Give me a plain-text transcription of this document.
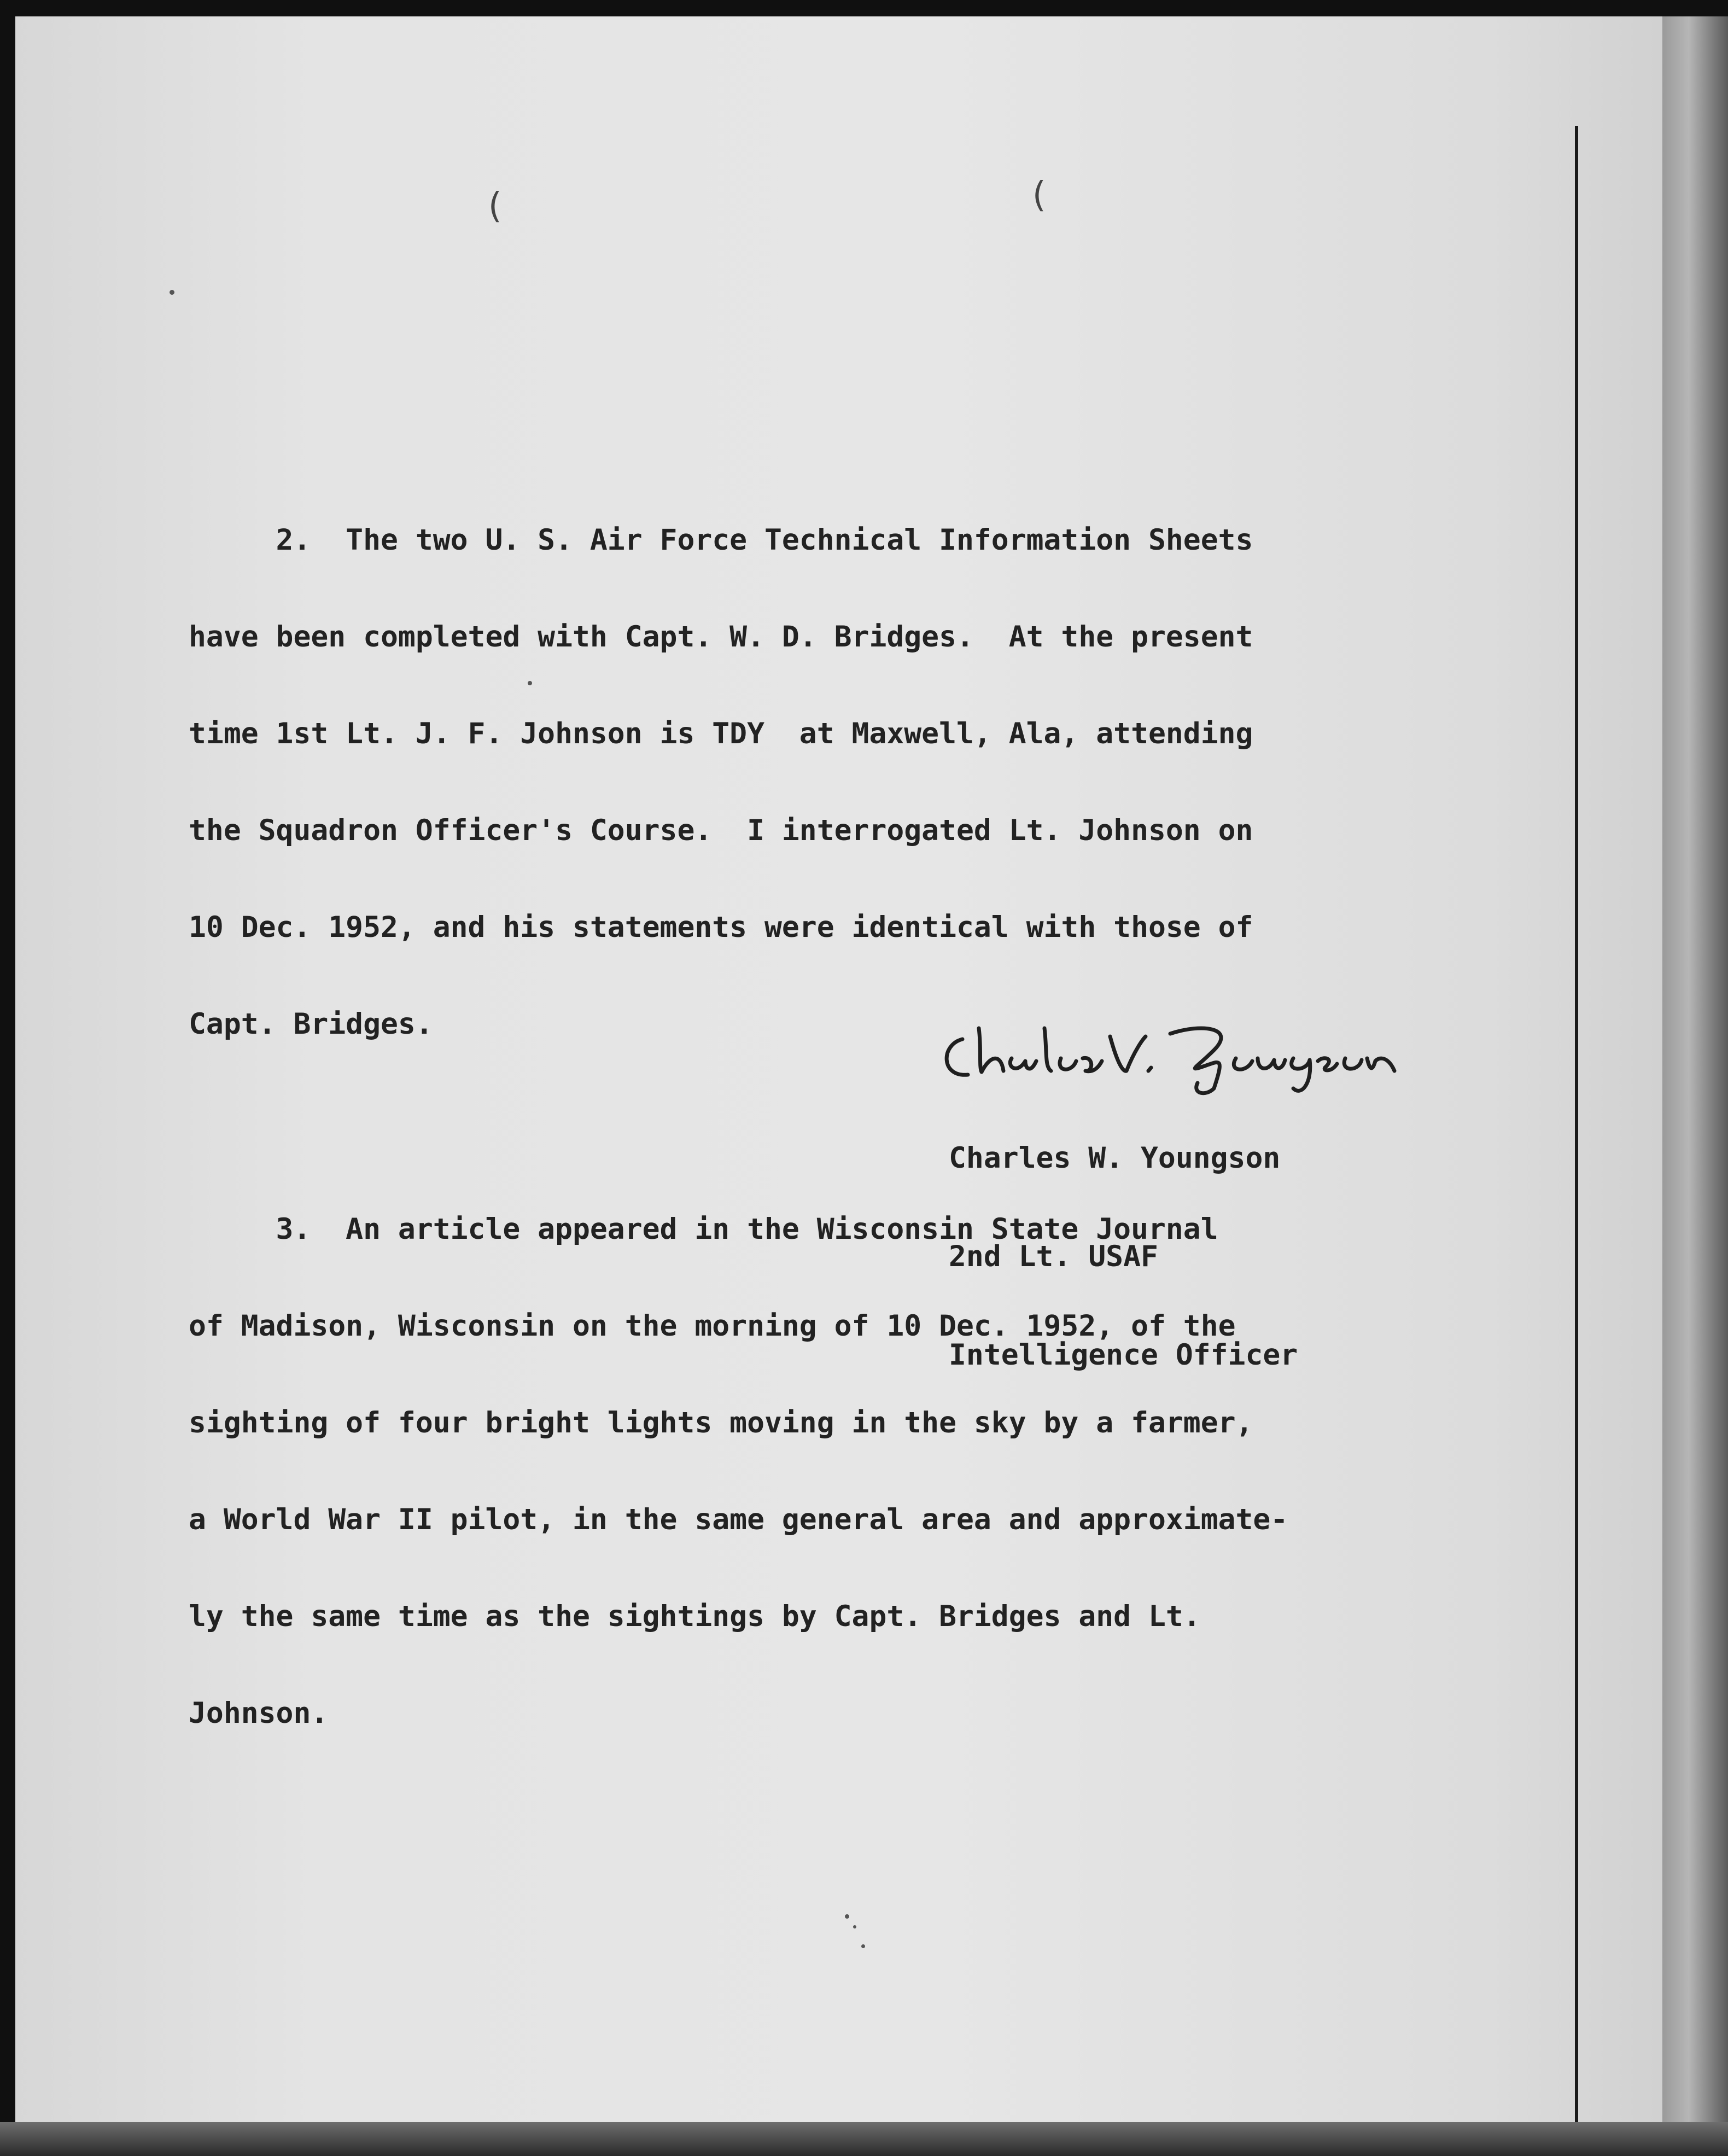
(	(

2.  The two U. S. Air Force Technical Information Sheets

have been completed with Capt. W. D. Bridges.  At the present

time 1st Lt. J. F. Johnson is TDY  at Maxwell, Ala, attending

the Squadron Officer's Course.  I interrogated Lt. Johnson on

10 Dec. 1952, and his statements were identical with those of

Capt. Bridges.

3.  An article appeared in the Wisconsin State Journal

of Madison, Wisconsin on the morning of 10 Dec. 1952, of the

sighting of four bright lights moving in the sky by a farmer,

a World War II pilot, in the same general area and approximate-

ly the same time as the sightings by Capt. Bridges and Lt.

Johnson.

Charles W. Youngson

2nd Lt. USAF

Intelligence Officer
